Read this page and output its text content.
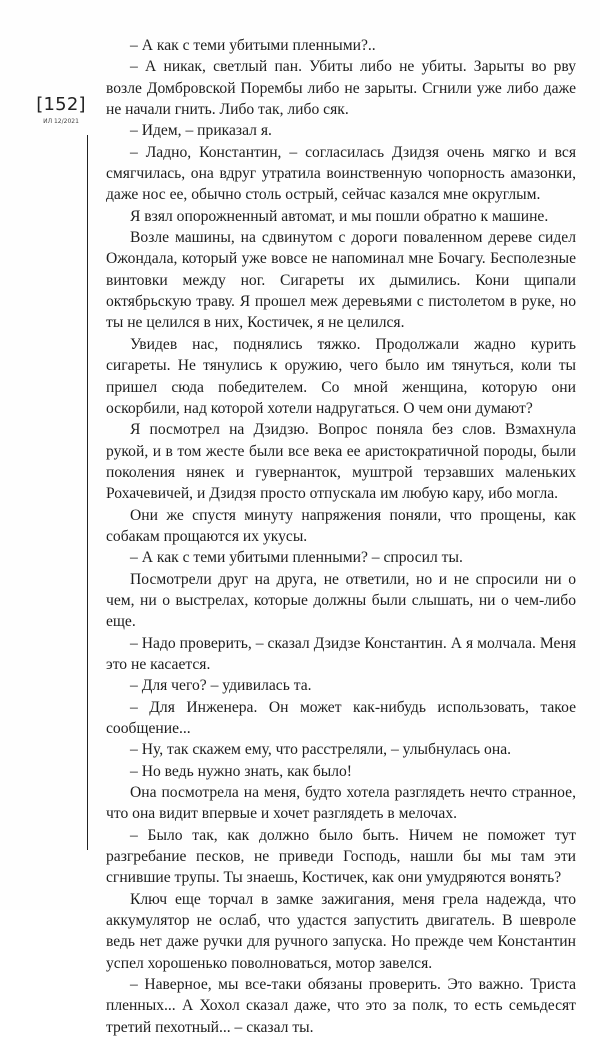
[152]
ИЛ 12/2021

– А как с теми убитыми пленными?..

– А никак, светлый пан. Убиты либо не убиты. Зарыты во рву возле Домбровской Порембы либо не зарыты. Сгнили уже либо даже не начали гнить. Либо так, либо сяк.

– Идем, – приказал я.

– Ладно, Константин, – согласилась Дзидзя очень мягко и вся смягчилась, она вдруг утратила воинственную чопорность амазонки, даже нос ее, обычно столь острый, сейчас казался мне округлым.

Я взял опорожненный автомат, и мы пошли обратно к машине.

Возле машины, на сдвинутом с дороги поваленном дереве сидел Ожондала, который уже вовсе не напоминал мне Бочагу. Бесполезные винтовки между ног. Сигареты их дымились. Кони щипали октябрьскую траву. Я прошел меж деревьями с пистолетом в руке, но ты не целился в них, Костичек, я не целился.

Увидев нас, поднялись тяжко. Продолжали жадно курить сигареты. Не тянулись к оружию, чего было им тянуться, коли ты пришел сюда победителем. Со мной женщина, которую они оскорбили, над которой хотели надругаться. О чем они думают?

Я посмотрел на Дзидзю. Вопрос поняла без слов. Взмахнула рукой, и в том жесте были все века ее аристократичной породы, были поколения нянек и гувернанток, муштрой терзавших маленьких Рохачевичей, и Дзидзя просто отпускала им любую кару, ибо могла.

Они же спустя минуту напряжения поняли, что прощены, как собакам прощаются их укусы.

– А как с теми убитыми пленными? – спросил ты.

Посмотрели друг на друга, не ответили, но и не спросили ни о чем, ни о выстрелах, которые должны были слышать, ни о чем-либо еще.

– Надо проверить, – сказал Дзидзе Константин. А я молчала. Меня это не касается.

– Для чего? – удивилась та.

– Для Инженера. Он может как-нибудь использовать, такое сообщение...

– Ну, так скажем ему, что расстреляли, – улыбнулась она.

– Но ведь нужно знать, как было!

Она посмотрела на меня, будто хотела разглядеть нечто странное, что она видит впервые и хочет разглядеть в мелочах.

– Было так, как должно было быть. Ничем не поможет тут разгребание песков, не приведи Господь, нашли бы мы там эти сгнившие трупы. Ты знаешь, Костичек, как они умудряются вонять?

Ключ еще торчал в замке зажигания, меня грела надежда, что аккумулятор не ослаб, что удастся запустить двигатель. В шевроле ведь нет даже ручки для ручного запуска. Но прежде чем Константин успел хорошенько поволноваться, мотор завелся.

– Наверное, мы все-таки обязаны проверить. Это важно. Триста пленных... А Хохол сказал даже, что это за полк, то есть семьдесят третий пехотный... – сказал ты.
